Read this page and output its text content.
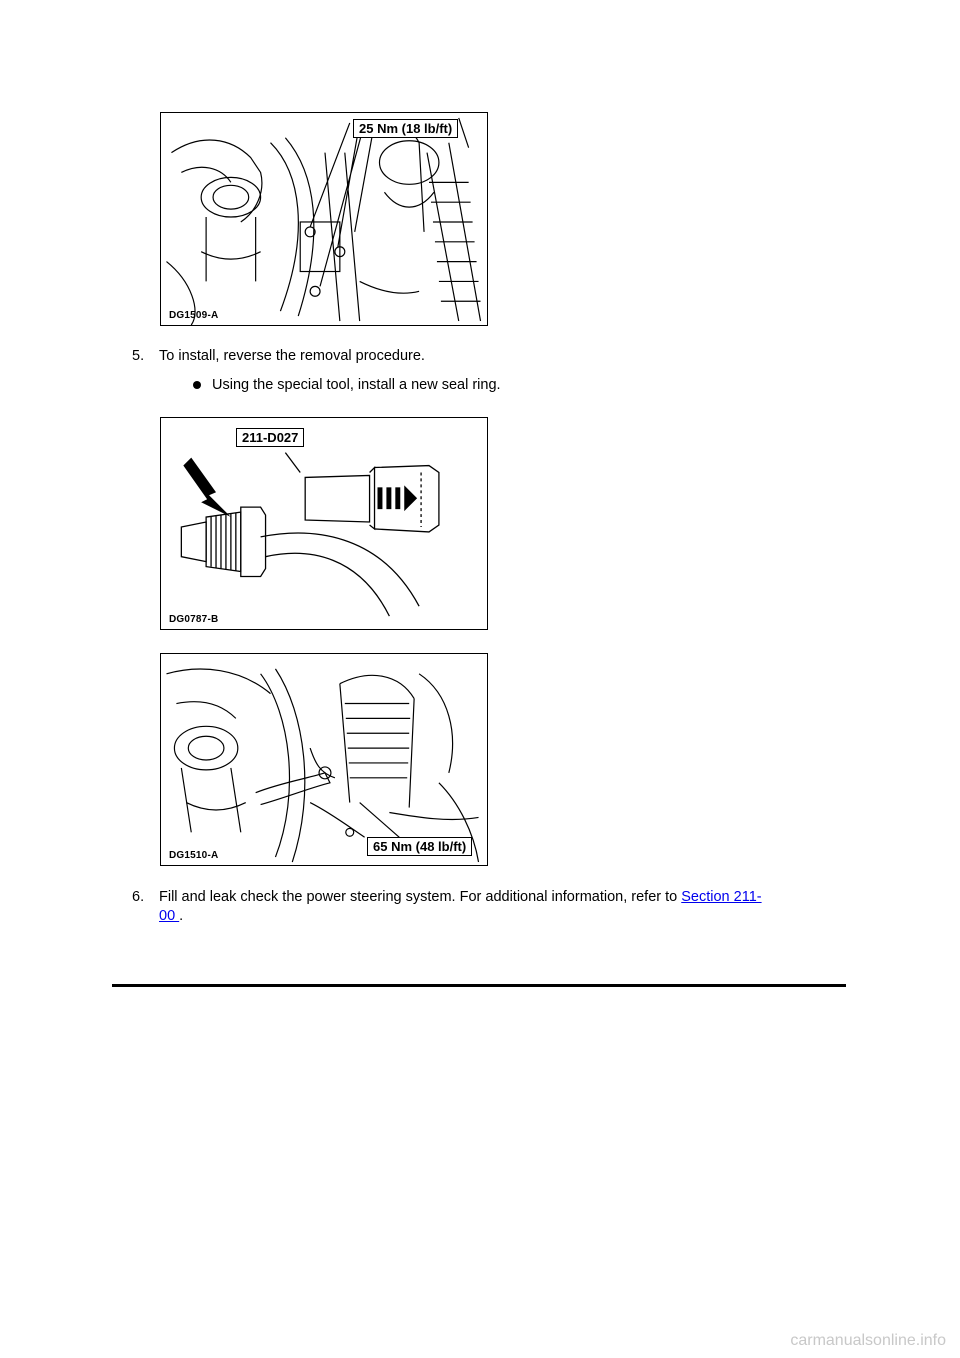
25 Nm (18 lb/ft)
DG1509-A
5. To install, reverse the removal procedure.
Using the special tool, install a new seal ring.
211-D027
DG0787-B
65 Nm (48 lb/ft)
DG1510-A
6. Fill and leak check the power steering system. For additional information, refer to Section 211-
00 .
carmanualsonline.info
